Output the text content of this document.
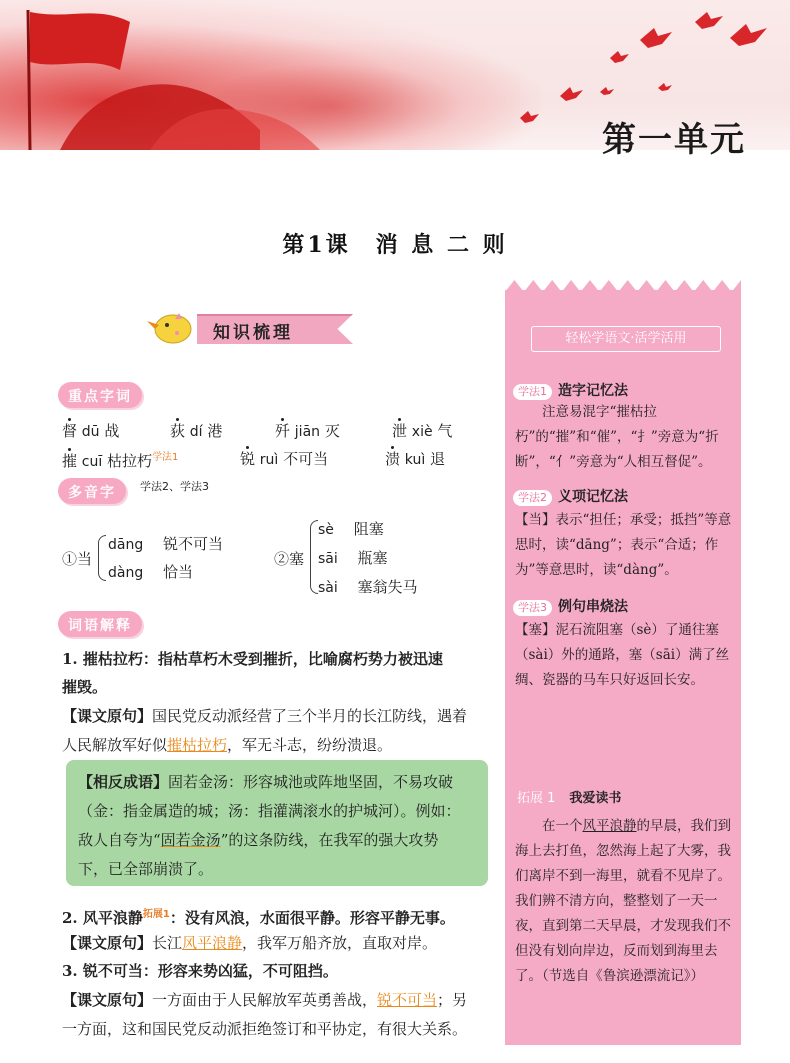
第一单元
第1课　消 息 二 则
知识梳理
重点字词
督 dū 战	荻 dí 港	歼 jiān 灭	泄 xiè 气
摧 cuī 枯拉朽$^{学法1}$	锐 ruì 不可当	溃 kuì 退
多音字	学法2、学法3
①当
dāng　 锐不可当
dàng　 恰当
②塞
sè　 阻塞
sāi　 瓶塞
sài　 塞翁失马
词语解释
1. 摧枯拉朽：指枯草朽木受到摧折，比喻腐朽势力被迅速
摧毁。
【课文原句】国民党反动派经营了三个半月的长江防线，遇着
人民解放军好似摧枯拉朽，军无斗志，纷纷溃退。
【相反成语】固若金汤：形容城池或阵地坚固，不易攻破
（金：指金属造的城；汤：指灌满滚水的护城河）。例如：
敌人自夸为“固若金汤”的这条防线，在我军的强大攻势
下，已全部崩溃了。
2. 风平浪静$^{拓展1}$：没有风浪，水面很平静。形容平静无事。
【课文原句】长江风平浪静，我军万船齐放，直取对岸。
3. 锐不可当：形容来势凶猛，不可阻挡。
【课文原句】一方面由于人民解放军英勇善战，锐不可当；另
一方面，这和国民党反动派拒绝签订和平协定，有很大关系。
轻松学语文·活学活用
学法1 造字记忆法
　　注意易混字“摧枯拉朽”的“摧”和“催”，“扌”旁意为“折断”，“亻”旁意为“人相互督促”。
学法2 义项记忆法
【当】表示“担任；承受；抵挡”等意思时，读“dāng”；表示“合适；作为”等意思时，读“dàng”。
学法3 例句串烧法
【塞】泥石流阻塞（sè）了通往塞（sài）外的通路，塞（sāi）满了丝绸、瓷器的马车只好返回长安。
拓展 1 我爱读书
　　在一个风平浪静的早晨，我们到海上去打鱼，忽然海上起了大雾，我们离岸不到一海里，就看不见岸了。我们辨不清方向，整整划了一天一夜，直到第二天早晨，才发现我们不但没有划向岸边，反而划到海里去了。（节选自《鲁滨逊漂流记》）
